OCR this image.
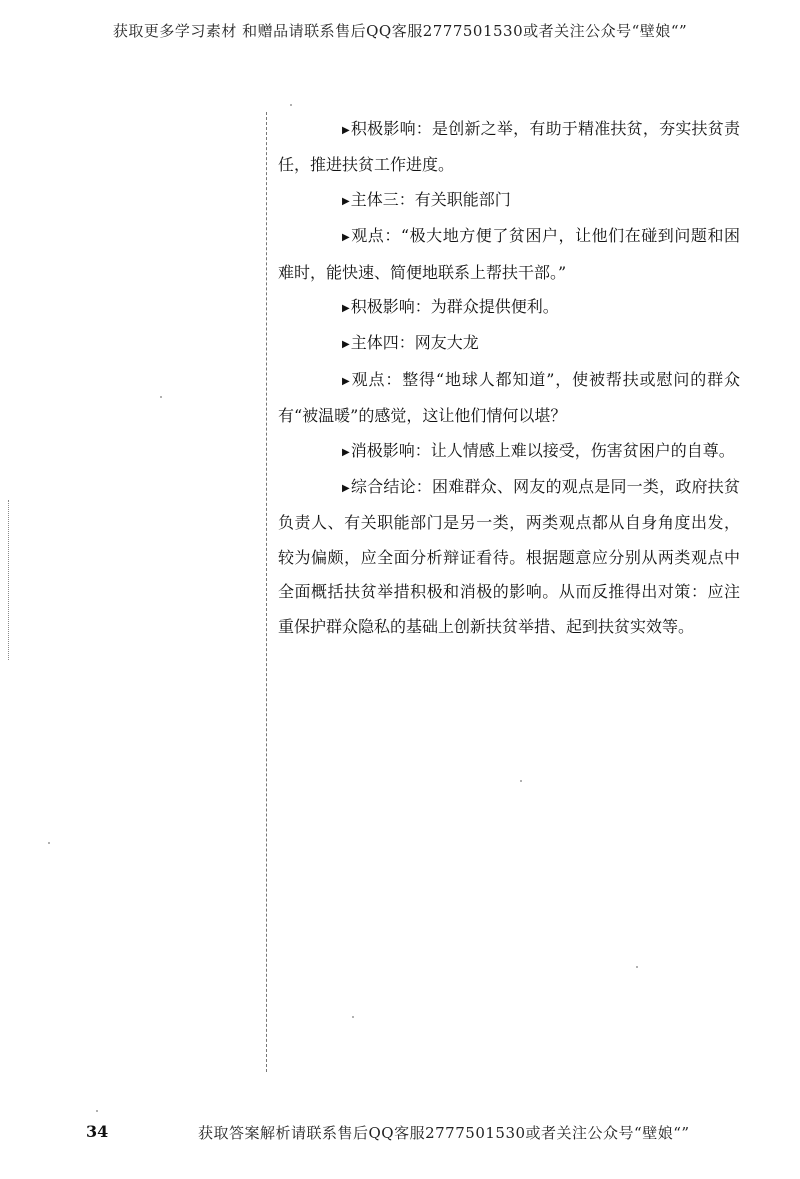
获取更多学习素材 和赠品请联系售后QQ客服2777501530或者关注公众号“壁娘“”

▶积极影响：是创新之举，有助于精准扶贫，夯实扶贫责任，推进扶贫工作进度。

▶主体三：有关职能部门

▶观点：“极大地方便了贫困户，让他们在碰到问题和困难时，能快速、简便地联系上帮扶干部。”

▶积极影响：为群众提供便利。

▶主体四：网友大龙

▶观点：整得“地球人都知道”，使被帮扶或慰问的群众有“被温暖”的感觉，这让他们情何以堪？

▶消极影响：让人情感上难以接受，伤害贫困户的自尊。

▶综合结论：困难群众、网友的观点是同一类，政府扶贫负责人、有关职能部门是另一类，两类观点都从自身角度出发，较为偏颇，应全面分析辩证看待。根据题意应分别从两类观点中全面概括扶贫举措积极和消极的影响。从而反推得出对策：应注重保护群众隐私的基础上创新扶贫举措、起到扶贫实效等。

34	获取答案解析请联系售后QQ客服2777501530或者关注公众号“壁娘“”
